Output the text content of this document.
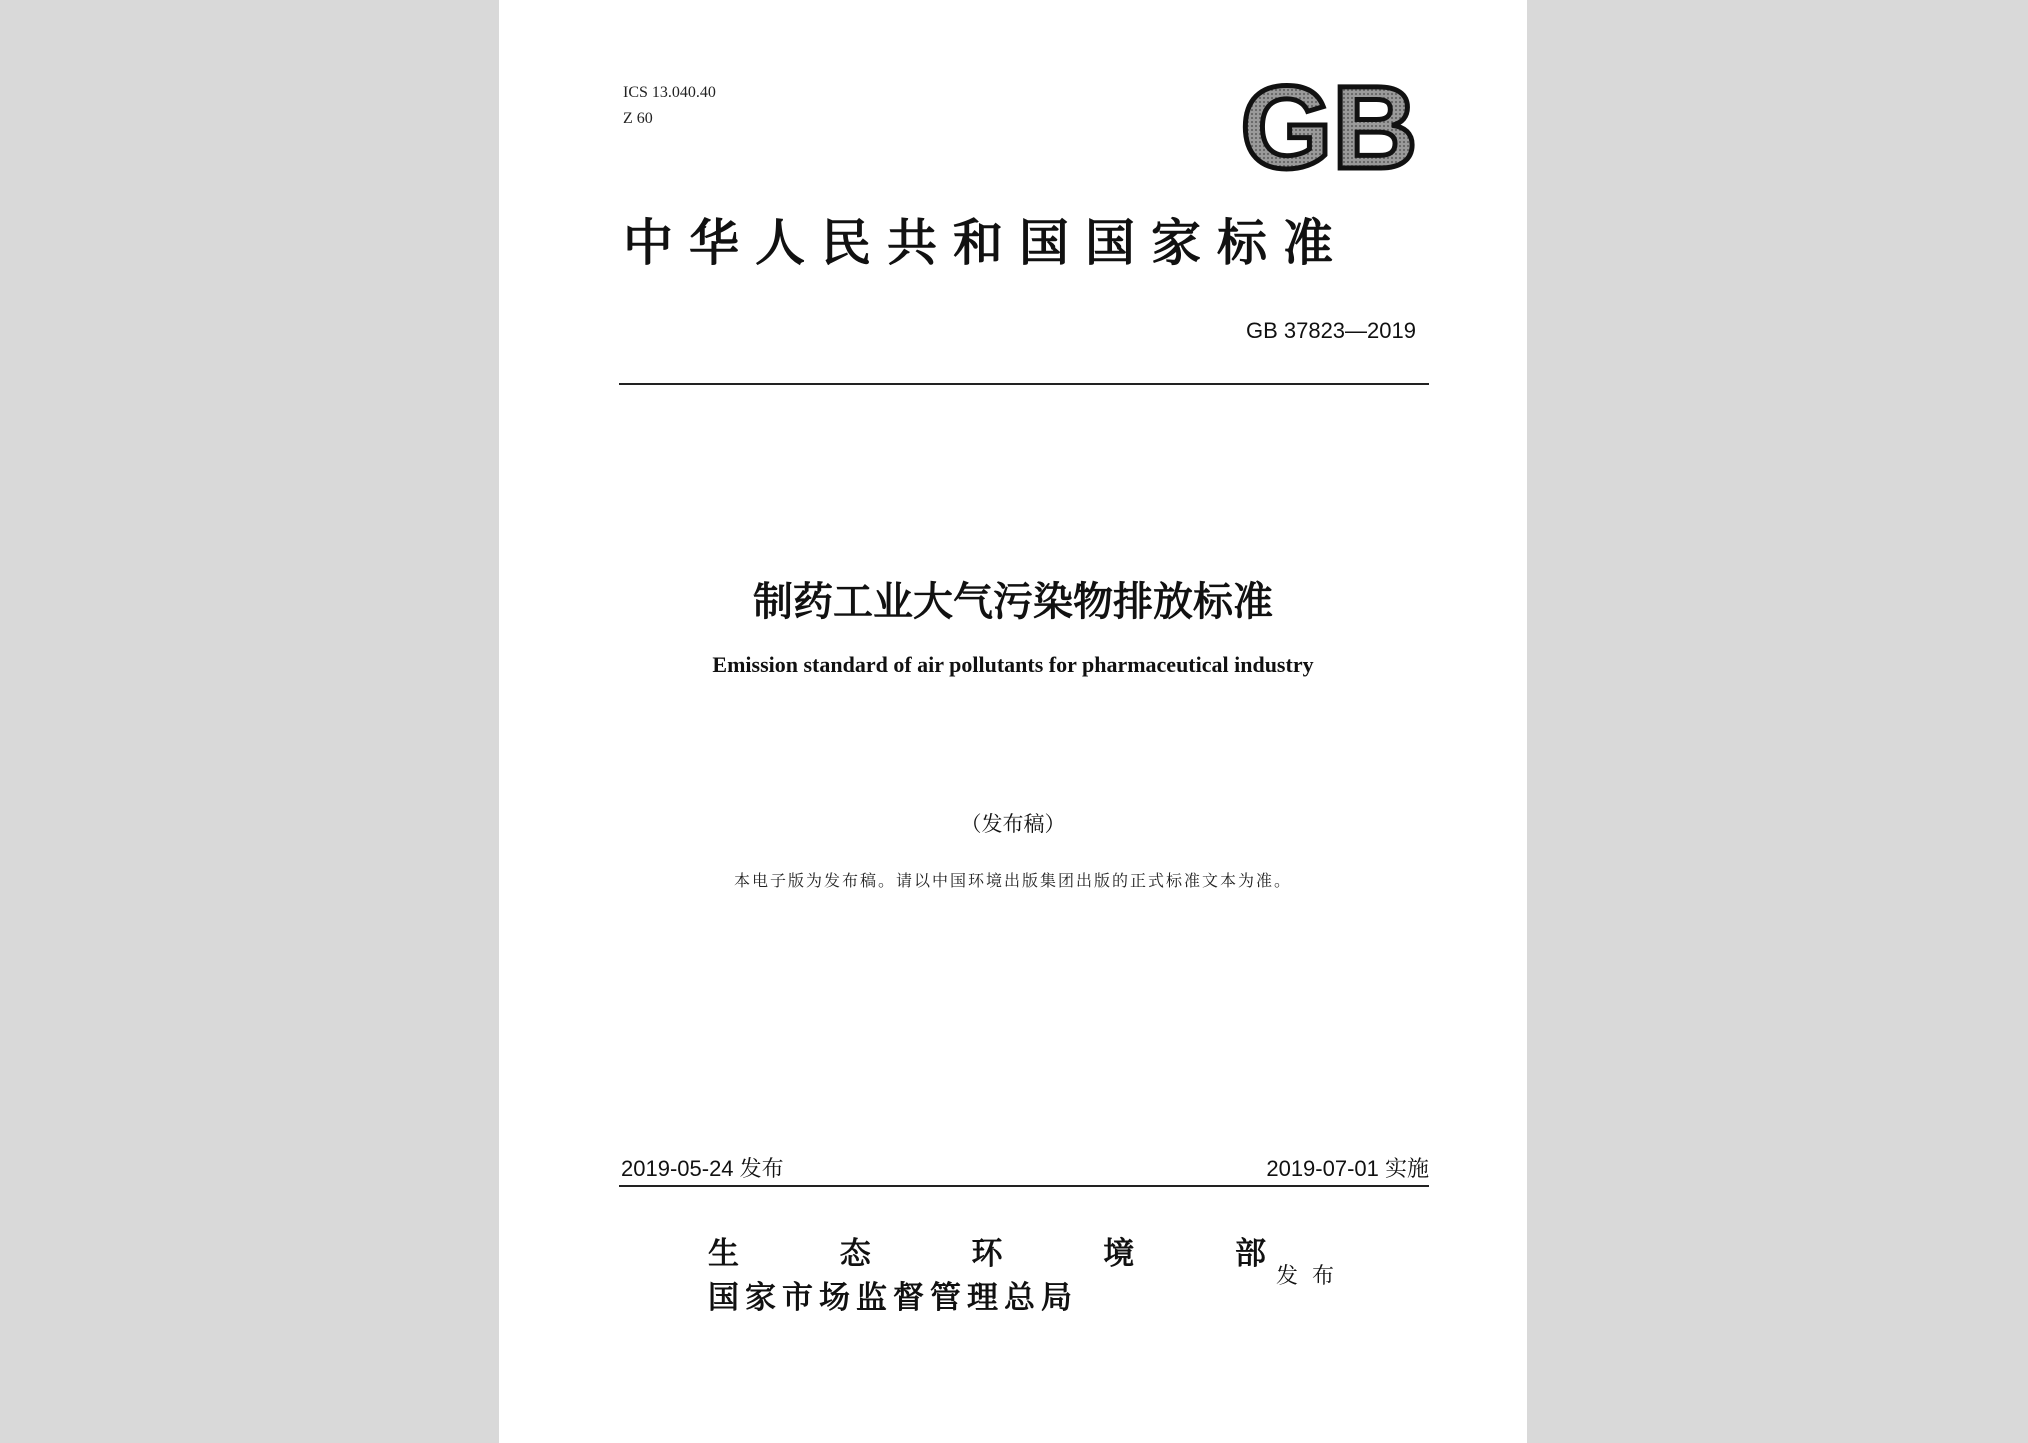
ICS 13.040.40
Z 60	GB
中华人民共和国国家标准
GB 37823—2019
制药工业大气污染物排放标准
Emission standard of air pollutants for pharmaceutical industry
（发布稿）
本电子版为发布稿。请以中国环境出版集团出版的正式标准文本为准。
2019-05-24 发布	2019-07-01 实施
生	态	环	境	部
国家市场监督管理总局
发布
